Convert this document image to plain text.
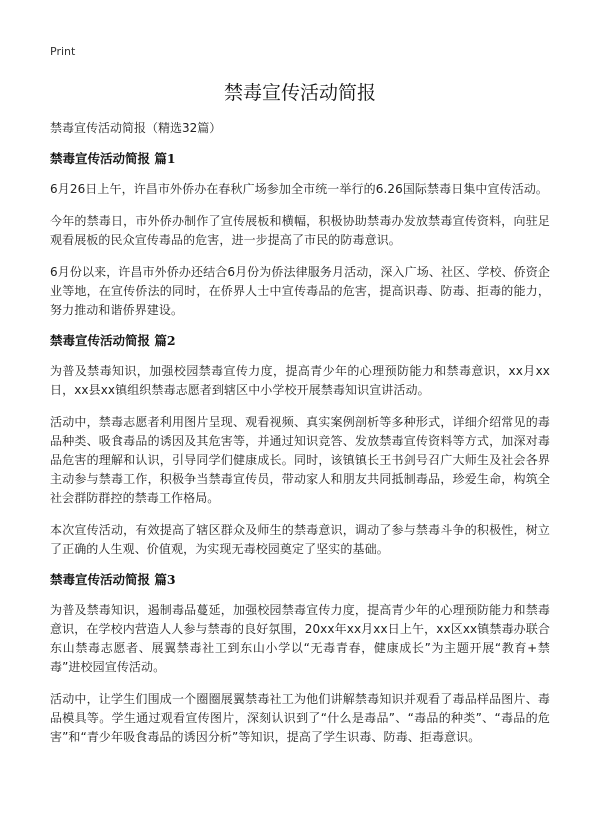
Print
禁毒宣传活动简报

禁毒宣传活动简报（精选32篇）

禁毒宣传活动简报 篇1

6月26日上午，许昌市外侨办在春秋广场参加全市统一举行的6.26国际禁毒日集中宣传活动。

今年的禁毒日，市外侨办制作了宣传展板和横幅，积极协助禁毒办发放禁毒宣传资料，向驻足观看展板的民众宣传毒品的危害，进一步提高了市民的防毒意识。

6月份以来，许昌市外侨办还结合6月份为侨法律服务月活动，深入广场、社区、学校、侨资企业等地，在宣传侨法的同时，在侨界人士中宣传毒品的危害，提高识毒、防毒、拒毒的能力，努力推动和谐侨界建设。

禁毒宣传活动简报 篇2

为普及禁毒知识，加强校园禁毒宣传力度，提高青少年的心理预防能力和禁毒意识，xx月xx日，xx县xx镇组织禁毒志愿者到辖区中小学校开展禁毒知识宣讲活动。

活动中，禁毒志愿者利用图片呈现、观看视频、真实案例剖析等多种形式，详细介绍常见的毒品种类、吸食毒品的诱因及其危害等，并通过知识竞答、发放禁毒宣传资料等方式，加深对毒品危害的理解和认识，引导同学们健康成长。同时，该镇镇长王书剑号召广大师生及社会各界主动参与禁毒工作，积极争当禁毒宣传员，带动家人和朋友共同抵制毒品，珍爱生命，构筑全社会群防群控的禁毒工作格局。

本次宣传活动，有效提高了辖区群众及师生的禁毒意识，调动了参与禁毒斗争的积极性，树立了正确的人生观、价值观，为实现无毒校园奠定了坚实的基础。

禁毒宣传活动简报 篇3

为普及禁毒知识，遏制毒品蔓延，加强校园禁毒宣传力度，提高青少年的心理预防能力和禁毒意识，在学校内营造人人参与禁毒的良好氛围，20xx年xx月xx日上午，xx区xx镇禁毒办联合东山禁毒志愿者、展翼禁毒社工到东山小学以“无毒青春，健康成长”为主题开展“教育+禁毒”进校园宣传活动。

活动中，让学生们围成一个圈圈展翼禁毒社工为他们讲解禁毒知识并观看了毒品样品图片、毒品模具等。学生通过观看宣传图片，深刻认识到了“什么是毒品”、“毒品的种类”、“毒品的危害”和“青少年吸食毒品的诱因分析”等知识，提高了学生识毒、防毒、拒毒意识。
